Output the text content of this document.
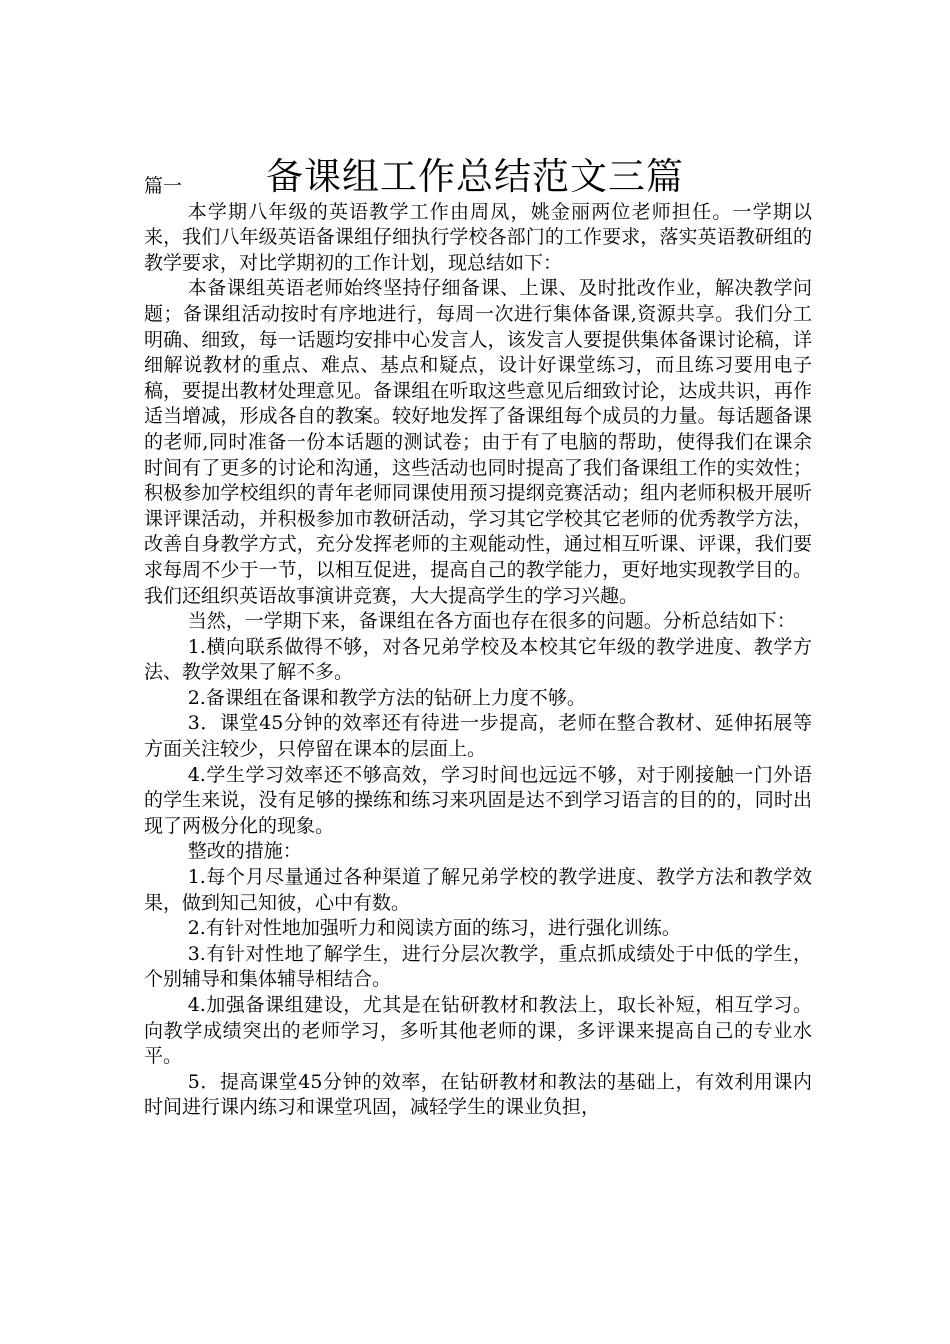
备课组工作总结范文三篇

篇一

本学期八年级的英语教学工作由周凤，姚金丽两位老师担任。一学期以来，我们八年级英语备课组仔细执行学校各部门的工作要求，落实英语教研组的教学要求，对比学期初的工作计划，现总结如下：

本备课组英语老师始终坚持仔细备课、上课、及时批改作业，解决教学问题；备课组活动按时有序地进行，每周一次进行集体备课,资源共享。我们分工明确、细致，每一话题均安排中心发言人，该发言人要提供集体备课讨论稿，详细解说教材的重点、难点、基点和疑点，设计好课堂练习，而且练习要用电子稿，要提出教材处理意见。备课组在听取这些意见后细致讨论，达成共识，再作适当增减，形成各自的教案。较好地发挥了备课组每个成员的力量。每话题备课的老师,同时准备一份本话题的测试卷；由于有了电脑的帮助，使得我们在课余时间有了更多的讨论和沟通，这些活动也同时提高了我们备课组工作的实效性；积极参加学校组织的青年老师同课使用预习提纲竞赛活动；组内老师积极开展听课评课活动，并积极参加市教研活动，学习其它学校其它老师的优秀教学方法，改善自身教学方式，充分发挥老师的主观能动性，通过相互听课、评课，我们要求每周不少于一节，以相互促进，提高自己的教学能力，更好地实现教学目的。我们还组织英语故事演讲竞赛，大大提高学生的学习兴趣。

当然，一学期下来，备课组在各方面也存在很多的问题。分析总结如下：

1.横向联系做得不够，对各兄弟学校及本校其它年级的教学进度、教学方法、教学效果了解不多。

2.备课组在备课和教学方法的钻研上力度不够。

3．课堂45分钟的效率还有待进一步提高，老师在整合教材、延伸拓展等方面关注较少，只停留在课本的层面上。

4.学生学习效率还不够高效，学习时间也远远不够，对于刚接触一门外语的学生来说，没有足够的操练和练习来巩固是达不到学习语言的目的的，同时出现了两极分化的现象。

整改的措施：

1.每个月尽量通过各种渠道了解兄弟学校的教学进度、教学方法和教学效果，做到知己知彼，心中有数。

2.有针对性地加强听力和阅读方面的练习，进行强化训练。

3.有针对性地了解学生，进行分层次教学，重点抓成绩处于中低的学生，个别辅导和集体辅导相结合。

4.加强备课组建设，尤其是在钻研教材和教法上，取长补短，相互学习。向教学成绩突出的老师学习，多听其他老师的课，多评课来提高自己的专业水平。

5．提高课堂45分钟的效率，在钻研教材和教法的基础上，有效利用课内时间进行课内练习和课堂巩固，减轻学生的课业负担，
